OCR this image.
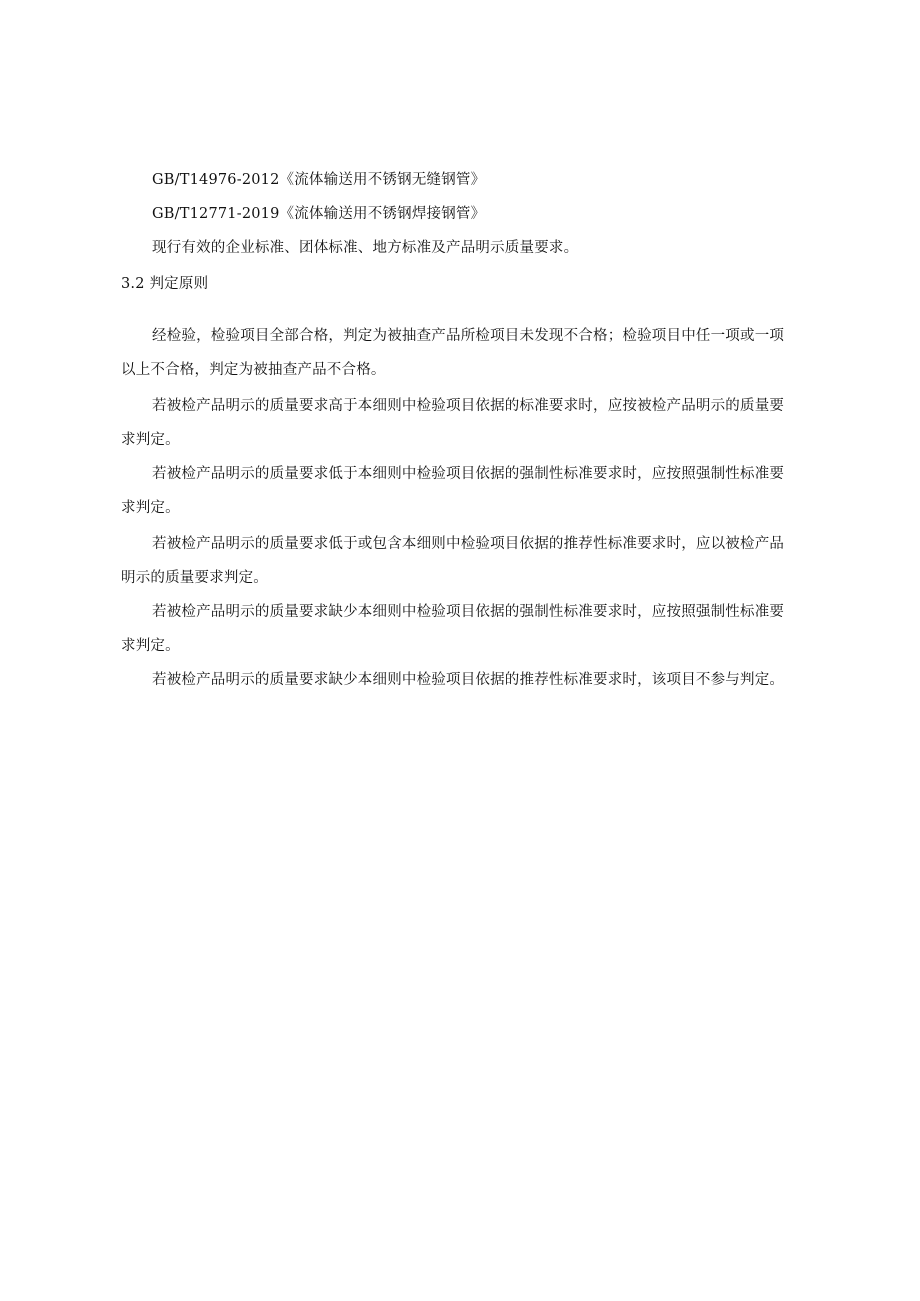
GB/T14976-2012《流体输送用不锈钢无缝钢管》
GB/T12771-2019《流体输送用不锈钢焊接钢管》
现行有效的企业标准、团体标准、地方标准及产品明示质量要求。
3.2 判定原则
经检验，检验项目全部合格，判定为被抽查产品所检项目未发现不合格；检验项目中任一项或一项
以上不合格，判定为被抽查产品不合格。
若被检产品明示的质量要求高于本细则中检验项目依据的标准要求时，应按被检产品明示的质量要
求判定。
若被检产品明示的质量要求低于本细则中检验项目依据的强制性标准要求时，应按照强制性标准要
求判定。
若被检产品明示的质量要求低于或包含本细则中检验项目依据的推荐性标准要求时，应以被检产品
明示的质量要求判定。
若被检产品明示的质量要求缺少本细则中检验项目依据的强制性标准要求时，应按照强制性标准要
求判定。
若被检产品明示的质量要求缺少本细则中检验项目依据的推荐性标准要求时，该项目不参与判定。
